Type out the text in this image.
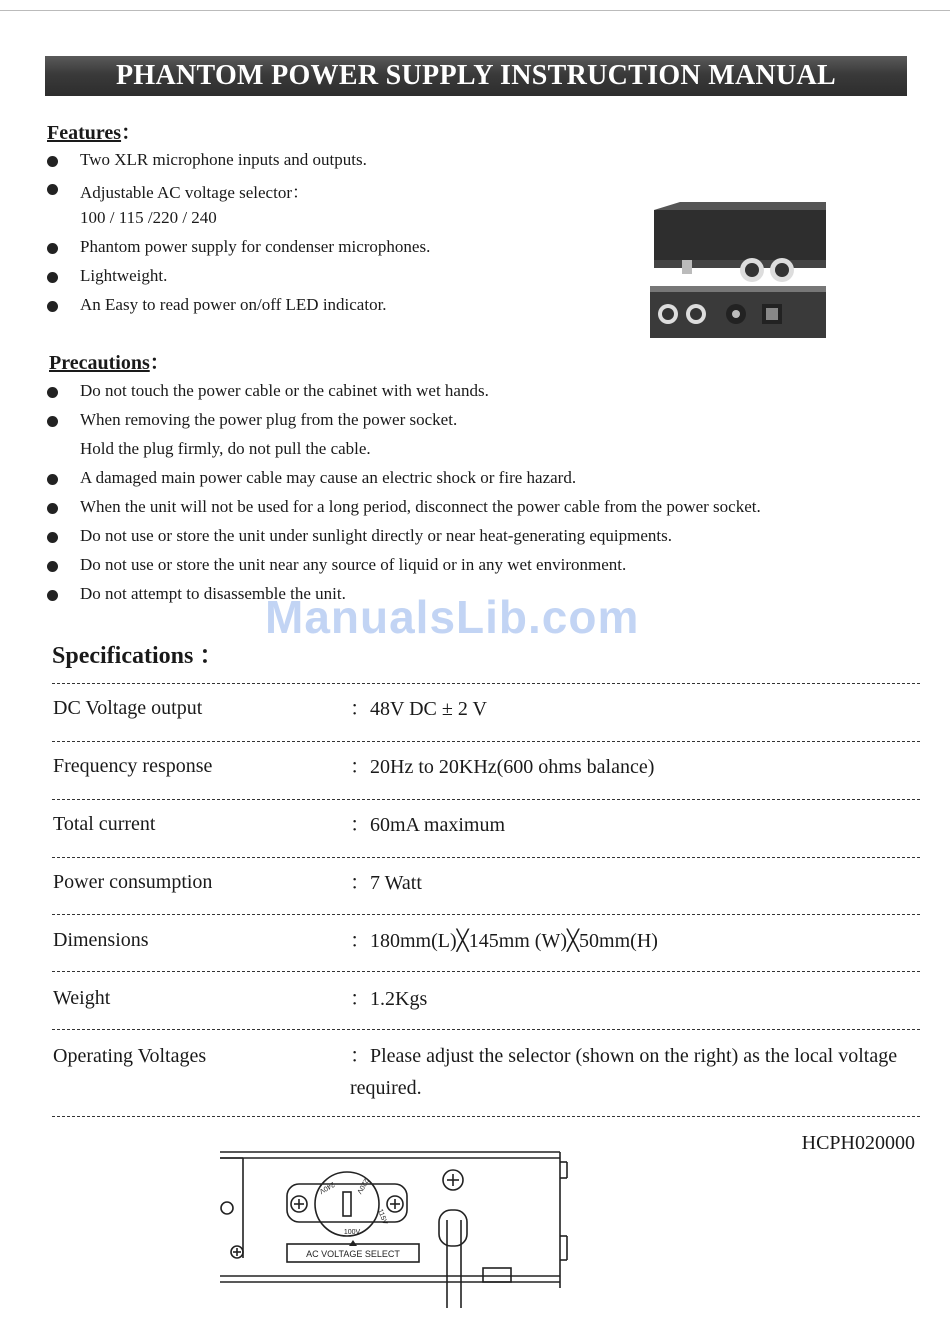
PHANTOM POWER SUPPLY INSTRUCTION MANUAL
Features：
Two XLR microphone inputs and outputs.
Adjustable AC voltage selector：
100 / 115 /220 / 240
Phantom power supply for condenser microphones.
Lightweight.
An Easy to read power on/off LED indicator.
Precautions：
Do not touch the power cable or the cabinet with wet hands.
When removing the power plug from the power socket.
Hold the plug firmly, do not pull the cable.
A damaged main power cable may cause an electric shock or fire hazard.
When the unit will not be used for a long period, disconnect the power cable from the power socket.
Do not use or store the unit under sunlight directly or near heat-generating equipments.
Do not use or store the unit near any source of liquid or in any wet environment.
Do not attempt to disassemble the unit.
ManualsLib.com
Specifications ：
DC Voltage output	：48V DC ± 2 V
Frequency response	：20Hz to 20KHz(600 ohms balance)
Total current	：60mA maximum
Power consumption	：7 Watt
Dimensions	：180mm(L)╳145mm (W)╳50mm(H)
Weight	：1.2Kgs
Operating Voltages	：Please adjust the selector (shown on the right) as the local voltage required.
HCPH020000
AC VOLTAGE SELECT
100V
115V
220V
240V
